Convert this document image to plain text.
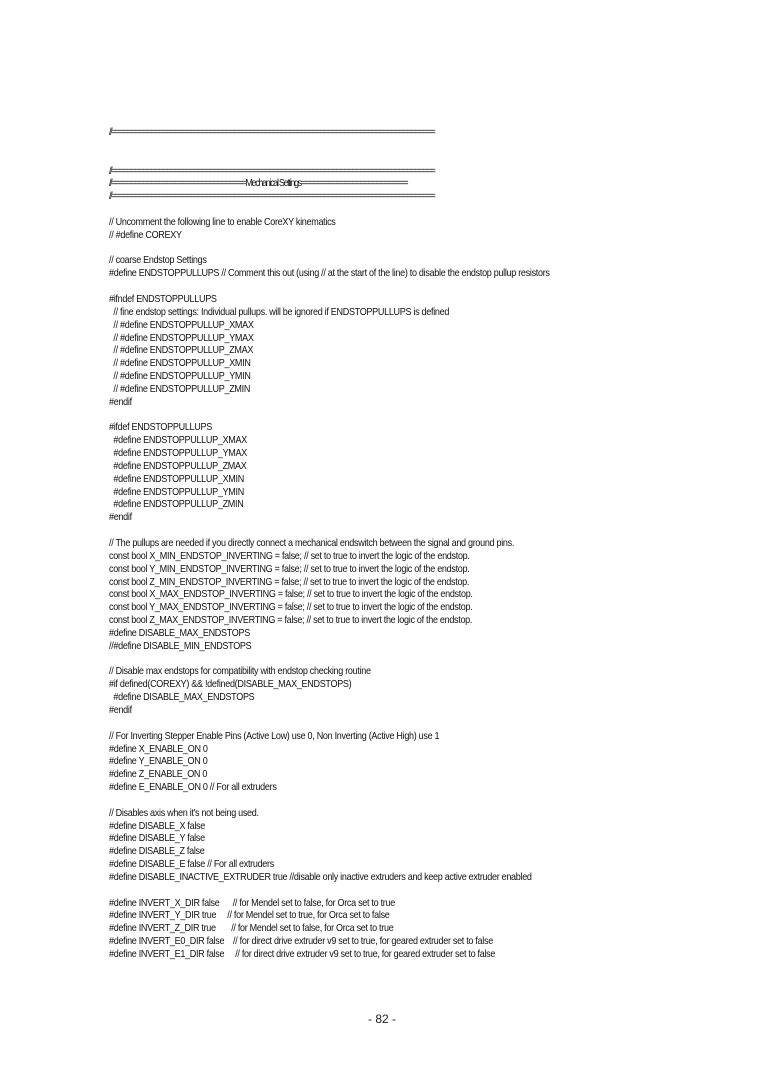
//==================================================================================
//==================================================================================
//==================================Mechanical Settings===========================
//==================================================================================
// Uncomment the following line to enable CoreXY kinematics
// #define COREXY
// coarse Endstop Settings
#define ENDSTOPPULLUPS // Comment this out (using // at the start of the line) to disable the endstop pullup resistors
#ifndef ENDSTOPPULLUPS
// fine endstop settings: Individual pullups. will be ignored if ENDSTOPPULLUPS is defined
// #define ENDSTOPPULLUP_XMAX
// #define ENDSTOPPULLUP_YMAX
// #define ENDSTOPPULLUP_ZMAX
// #define ENDSTOPPULLUP_XMIN
// #define ENDSTOPPULLUP_YMIN
// #define ENDSTOPPULLUP_ZMIN
#endif
#ifdef ENDSTOPPULLUPS
#define ENDSTOPPULLUP_XMAX
#define ENDSTOPPULLUP_YMAX
#define ENDSTOPPULLUP_ZMAX
#define ENDSTOPPULLUP_XMIN
#define ENDSTOPPULLUP_YMIN
#define ENDSTOPPULLUP_ZMIN
#endif
// The pullups are needed if you directly connect a mechanical endswitch between the signal and ground pins.
const bool X_MIN_ENDSTOP_INVERTING = false; // set to true to invert the logic of the endstop.
const bool Y_MIN_ENDSTOP_INVERTING = false; // set to true to invert the logic of the endstop.
const bool Z_MIN_ENDSTOP_INVERTING = false; // set to true to invert the logic of the endstop.
const bool X_MAX_ENDSTOP_INVERTING = false; // set to true to invert the logic of the endstop.
const bool Y_MAX_ENDSTOP_INVERTING = false; // set to true to invert the logic of the endstop.
const bool Z_MAX_ENDSTOP_INVERTING = false; // set to true to invert the logic of the endstop.
#define DISABLE_MAX_ENDSTOPS
//#define DISABLE_MIN_ENDSTOPS
// Disable max endstops for compatibility with endstop checking routine
#if defined(COREXY) && !defined(DISABLE_MAX_ENDSTOPS)
#define DISABLE_MAX_ENDSTOPS
#endif
// For Inverting Stepper Enable Pins (Active Low) use 0, Non Inverting (Active High) use 1
#define X_ENABLE_ON 0
#define Y_ENABLE_ON 0
#define Z_ENABLE_ON 0
#define E_ENABLE_ON 0 // For all extruders
// Disables axis when it's not being used.
#define DISABLE_X false
#define DISABLE_Y false
#define DISABLE_Z false
#define DISABLE_E false // For all extruders
#define DISABLE_INACTIVE_EXTRUDER true //disable only inactive extruders and keep active extruder enabled
#define INVERT_X_DIR false      // for Mendel set to false, for Orca set to true
#define INVERT_Y_DIR true     // for Mendel set to true, for Orca set to false
#define INVERT_Z_DIR true       // for Mendel set to false, for Orca set to true
#define INVERT_E0_DIR false    // for direct drive extruder v9 set to true, for geared extruder set to false
#define INVERT_E1_DIR false     // for direct drive extruder v9 set to true, for geared extruder set to false
- 82 -
